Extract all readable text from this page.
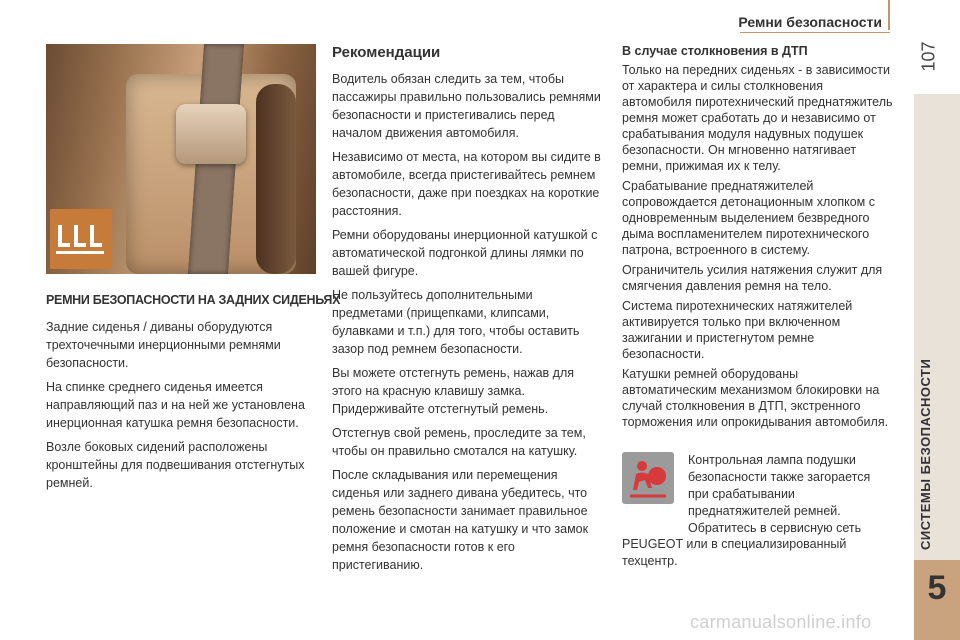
Ремни безопасности
107
СИСТЕМЫ БЕЗОПАСНОСТИ
5
РЕМНИ БЕЗОПАСНОСТИ НА ЗАДНИХ СИДЕНЬЯХ

Задние сиденья / диваны оборудуются трехточечными инерционными ремнями безопасности.

На спинке среднего сиденья имеется направляющий паз и на ней же установлена инерционная катушка ремня безопасности.

Возле боковых сидений расположены кронштейны для подвешивания отстегнутых ремней.

Рекомендации

Водитель обязан следить за тем, чтобы пассажиры правильно пользовались ремнями безопасности и пристегивались перед началом движения автомобиля.

Независимо от места, на котором вы сидите в автомобиле, всегда пристегивайтесь ремнем безопасности, даже при поездках на короткие расстояния.

Ремни оборудованы инерционной катушкой с автоматической подгонкой длины лямки по вашей фигуре.

Не пользуйтесь дополнительными предметами (прищепками, клипсами, булавками и т.п.) для того, чтобы оставить зазор под ремнем безопасности.

Вы можете отстегнуть ремень, нажав для этого на красную клавишу замка. Придерживайте отстегнутый ремень.

Отстегнув свой ремень, проследите за тем, чтобы он правильно смотался на катушку.

После складывания или перемещения сиденья или заднего дивана убедитесь, что ремень безопасности занимает правильное положение и смотан на катушку и что замок ремня безопасности готов к его пристегиванию.

В случае столкновения в ДТП

Только на передних сиденьях - в зависимости от характера и силы столкновения автомобиля пиротехнический преднатяжитель ремня может сработать до и независимо от срабатывания модуля надувных подушек безопасности. Он мгновенно натягивает ремни, прижимая их к телу.

Срабатывание преднатяжителей сопровождается детонационным хлопком с одновременным выделением безвредного дыма воспламенителем пиротехнического патрона, встроенного в систему.

Ограничитель усилия натяжения служит для смягчения давления ремня на тело.

Система пиротехнических натяжителей активируется только при включенном зажигании и пристегнутом ремне безопасности.

Катушки ремней оборудованы автоматическим механизмом блокировки на случай столкновения в ДТП, экстренного торможения или опрокидывания автомобиля.

Контрольная лампа подушки безопасности также загорается при срабатывании преднатяжителей ремней. Обратитесь в сервисную сеть
PEUGEOT или в специализированный техцентр.
carmanualsonline.info
